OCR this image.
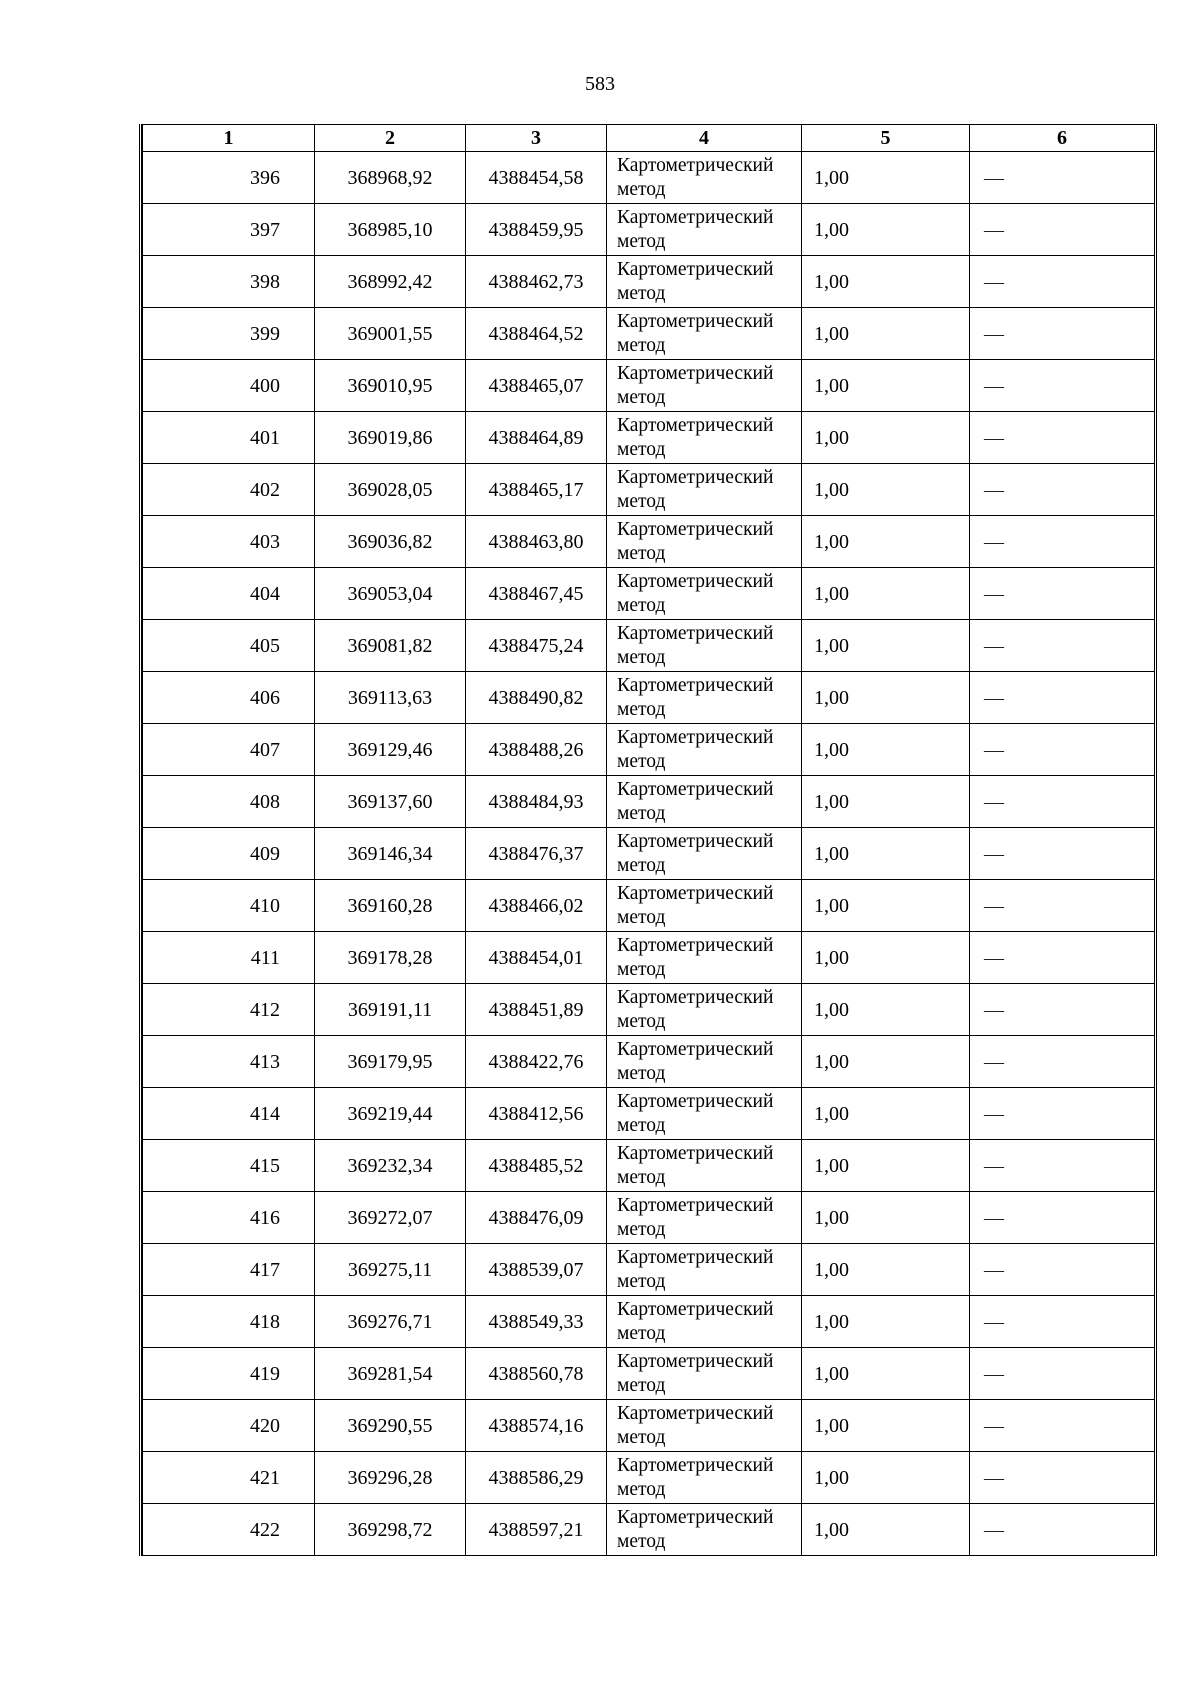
583
1	2	3	4	5	6
396	368968,92	4388454,58	Картометрический метод	1,00	—
397	368985,10	4388459,95	Картометрический метод	1,00	—
398	368992,42	4388462,73	Картометрический метод	1,00	—
399	369001,55	4388464,52	Картометрический метод	1,00	—
400	369010,95	4388465,07	Картометрический метод	1,00	—
401	369019,86	4388464,89	Картометрический метод	1,00	—
402	369028,05	4388465,17	Картометрический метод	1,00	—
403	369036,82	4388463,80	Картометрический метод	1,00	—
404	369053,04	4388467,45	Картометрический метод	1,00	—
405	369081,82	4388475,24	Картометрический метод	1,00	—
406	369113,63	4388490,82	Картометрический метод	1,00	—
407	369129,46	4388488,26	Картометрический метод	1,00	—
408	369137,60	4388484,93	Картометрический метод	1,00	—
409	369146,34	4388476,37	Картометрический метод	1,00	—
410	369160,28	4388466,02	Картометрический метод	1,00	—
411	369178,28	4388454,01	Картометрический метод	1,00	—
412	369191,11	4388451,89	Картометрический метод	1,00	—
413	369179,95	4388422,76	Картометрический метод	1,00	—
414	369219,44	4388412,56	Картометрический метод	1,00	—
415	369232,34	4388485,52	Картометрический метод	1,00	—
416	369272,07	4388476,09	Картометрический метод	1,00	—
417	369275,11	4388539,07	Картометрический метод	1,00	—
418	369276,71	4388549,33	Картометрический метод	1,00	—
419	369281,54	4388560,78	Картометрический метод	1,00	—
420	369290,55	4388574,16	Картометрический метод	1,00	—
421	369296,28	4388586,29	Картометрический метод	1,00	—
422	369298,72	4388597,21	Картометрический метод	1,00	—
